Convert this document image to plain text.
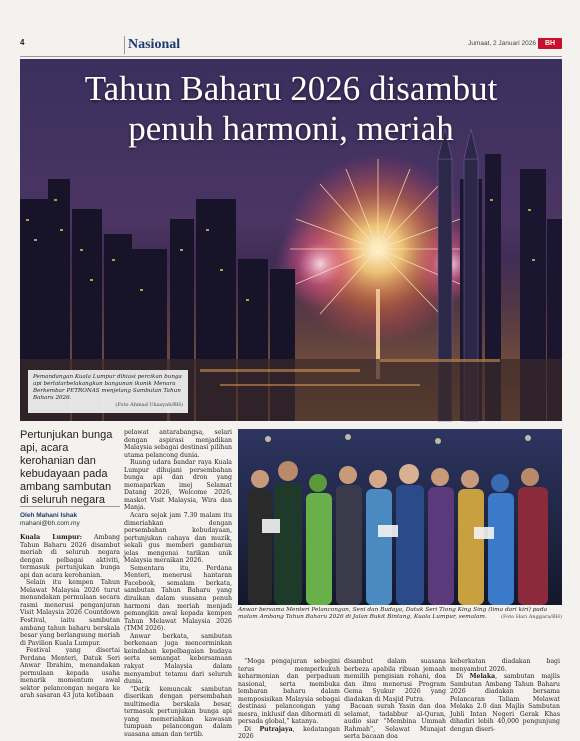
4	Nasional	Jumaat, 2 Januari 2026	BH
Tahun Baharu 2026 disambut
penuh harmoni, meriah
Pemandangan Kuala Lumpur dihiasi percikan bunga api berlatarbelakangkan bangunan ikonik Menara Berkembar PETRONAS menjelang Sambutan Tahun Baharu 2026.
(Foto Ahmad Ukasyah/BH)
Pertunjukan bunga api, acara kerohanian dan kebudayaan pada ambang sambutan di seluruh negara
Oleh Mahani Ishak
mahani@bh.com.my

Kuala Lumpur: Ambang Tahun Baharu 2026 disambut meriah di seluruh negara dengan pelbagai aktiviti, termasuk pertunjukan bunga api dan acara kerohanian.

Selain itu kempen Tahun Melawat Malaysia 2026 turut menandakan permulaan secara rasmi menerusi penganjuran Visit Malaysia 2026 Countdown Festival, iaitu sambutan ambang tahun baharu berskala besar yang berlangsung meriah di Pavilion Kuala Lumpur.

Festival yang disertai Perdana Menteri, Datuk Seri Anwar Ibrahim, menandakan permulaan kepada usaha menarik momentum awal sektor pelancongan negara ke arah sasaran 43 juta ketibaan

pelawat antarabangsa, selari dengan aspirasi menjadikan Malaysia sebagai destinasi pilihan utama pelancong dunia.

Ruang udara bandar raya Kuala Lumpur dihujani persembahan bunga api dan dron yang memaparkan imej Selamat Datang 2026, Welcome 2026, maskot Visit Malaysia, Wira dan Manja.

Acara sejak jam 7.30 malam itu dimeriahkan dengan persembahan kebudayaan, pertunjukan cahaya dan muzik, sekali gus memberi gambaran jelas mengenai tarikan unik Malaysia meraikan 2026.

Sementara itu, Perdana Menteri, menerusi hantaran Facebook, semalam berkata, sambutan Tahun Baharu yang diraikan dalam suasana penuh harmoni dan meriah menjadi pemangkin awal kepada kempen Tahun Melawat Malaysia 2026 (TMM 2026).

Anwar berkata, sambutan berkenaan juga mencerminkan keindahan kepelbagaian budaya serta semangat kebersamaan rakyat Malaysia dalam menyambut tetamu dari seluruh dunia.

“Detik kemuncak sambutan diserikan dengan persembahan multimedia berskala besar, termasuk pertunjukan bunga api yang memeriahkan kawasan tumpuan pelancongan dalam suasana aman dan tertib.

Anwar bersama Menteri Pelancongan, Seni dan Budaya, Datuk Seri Tiong King Sing (lima dari kiri) pada malam Ambang Tahun Baharu 2026 di Jalan Bukit Bintang, Kuala Lumpur, semalam.	(Foto Hari Anggara/BH)

“Moga pengajuran sebegini terus memperkukuh keharmonian dan perpaduan nasional, serta membuka lembaran baharu dalam memposisikan Malaysia sebagai destinasi pelancongan yang mesra, inklusif dan dihormati di persada global,” katanya.

Di Putrajaya, kedatangan 2026

disambut dalam suasana berbeza apabila ribuan jemaah memilih pengisian rohani, doa dan ilmu menerusi Program Gema Syukur 2026 yang diadakan di Masjid Putra.

Bacaan surah Yasin dan doa selamat, tadabbur al-Quran, audio siar “Membina Ummah Rahmah”, Selawat Munajat serta bacaan doa

keberkatan diadakan bagi menyambut 2026.

Di Melaka, sambutan majlis Sambutan Ambang Tahun Baharu 2026 diadakan bersama Pelancaran Taliam Melawat Melaka 2.0 dan Majlis Sambutan Jubli Intan Negeri Gerak Khas dihadiri lebih 40,000 pengunjung dengan diseri-
